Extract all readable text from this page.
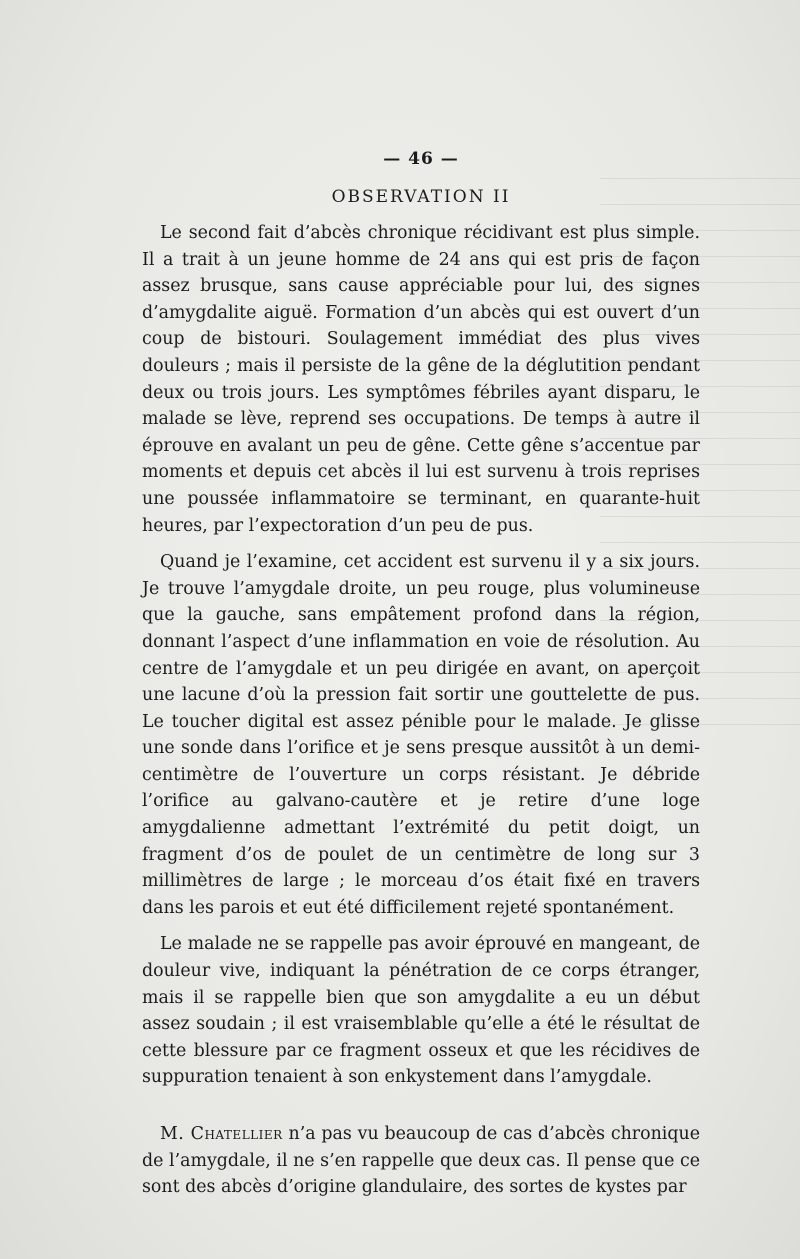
— 46 —
OBSERVATION II

Le second fait d’abcès chronique récidivant est plus simple. Il a trait à un jeune homme de 24 ans qui est pris de façon assez brusque, sans cause appréciable pour lui, des signes d’amygdalite aiguë. Formation d’un abcès qui est ouvert d’un coup de bistouri. Soulagement immédiat des plus vives douleurs ; mais il persiste de la gêne de la déglutition pendant deux ou trois jours. Les symptômes fébriles ayant disparu, le malade se lève, reprend ses occupations. De temps à autre il éprouve en avalant un peu de gêne. Cette gêne s’accentue par moments et depuis cet abcès il lui est survenu à trois reprises une poussée inflammatoire se terminant, en quarante-huit heures, par l’expectoration d’un peu de pus.

Quand je l’examine, cet accident est survenu il y a six jours. Je trouve l’amygdale droite, un peu rouge, plus volumineuse que la gauche, sans empâtement profond dans la région, donnant l’aspect d’une inflammation en voie de résolution. Au centre de l’amygdale et un peu dirigée en avant, on aperçoit une lacune d’où la pression fait sortir une gouttelette de pus. Le toucher digital est assez pénible pour le malade. Je glisse une sonde dans l’orifice et je sens presque aussitôt à un demi-centimètre de l’ouverture un corps résistant. Je débride l’orifice au galvano-cautère et je retire d’une loge amygdalienne admettant l’extrémité du petit doigt, un fragment d’os de poulet de un centimètre de long sur 3 millimètres de large ; le morceau d’os était fixé en travers dans les parois et eut été difficilement rejeté spontanément.

Le malade ne se rappelle pas avoir éprouvé en mangeant, de douleur vive, indiquant la pénétration de ce corps étranger, mais il se rappelle bien que son amygdalite a eu un début assez soudain ; il est vraisemblable qu’elle a été le résultat de cette blessure par ce fragment osseux et que les récidives de suppuration tenaient à son enkystement dans l’amygdale.

M. Chatellier n’a pas vu beaucoup de cas d’abcès chronique de l’amygdale, il ne s’en rappelle que deux cas. Il pense que ce sont des abcès d’origine glandulaire, des sortes de kystes par
